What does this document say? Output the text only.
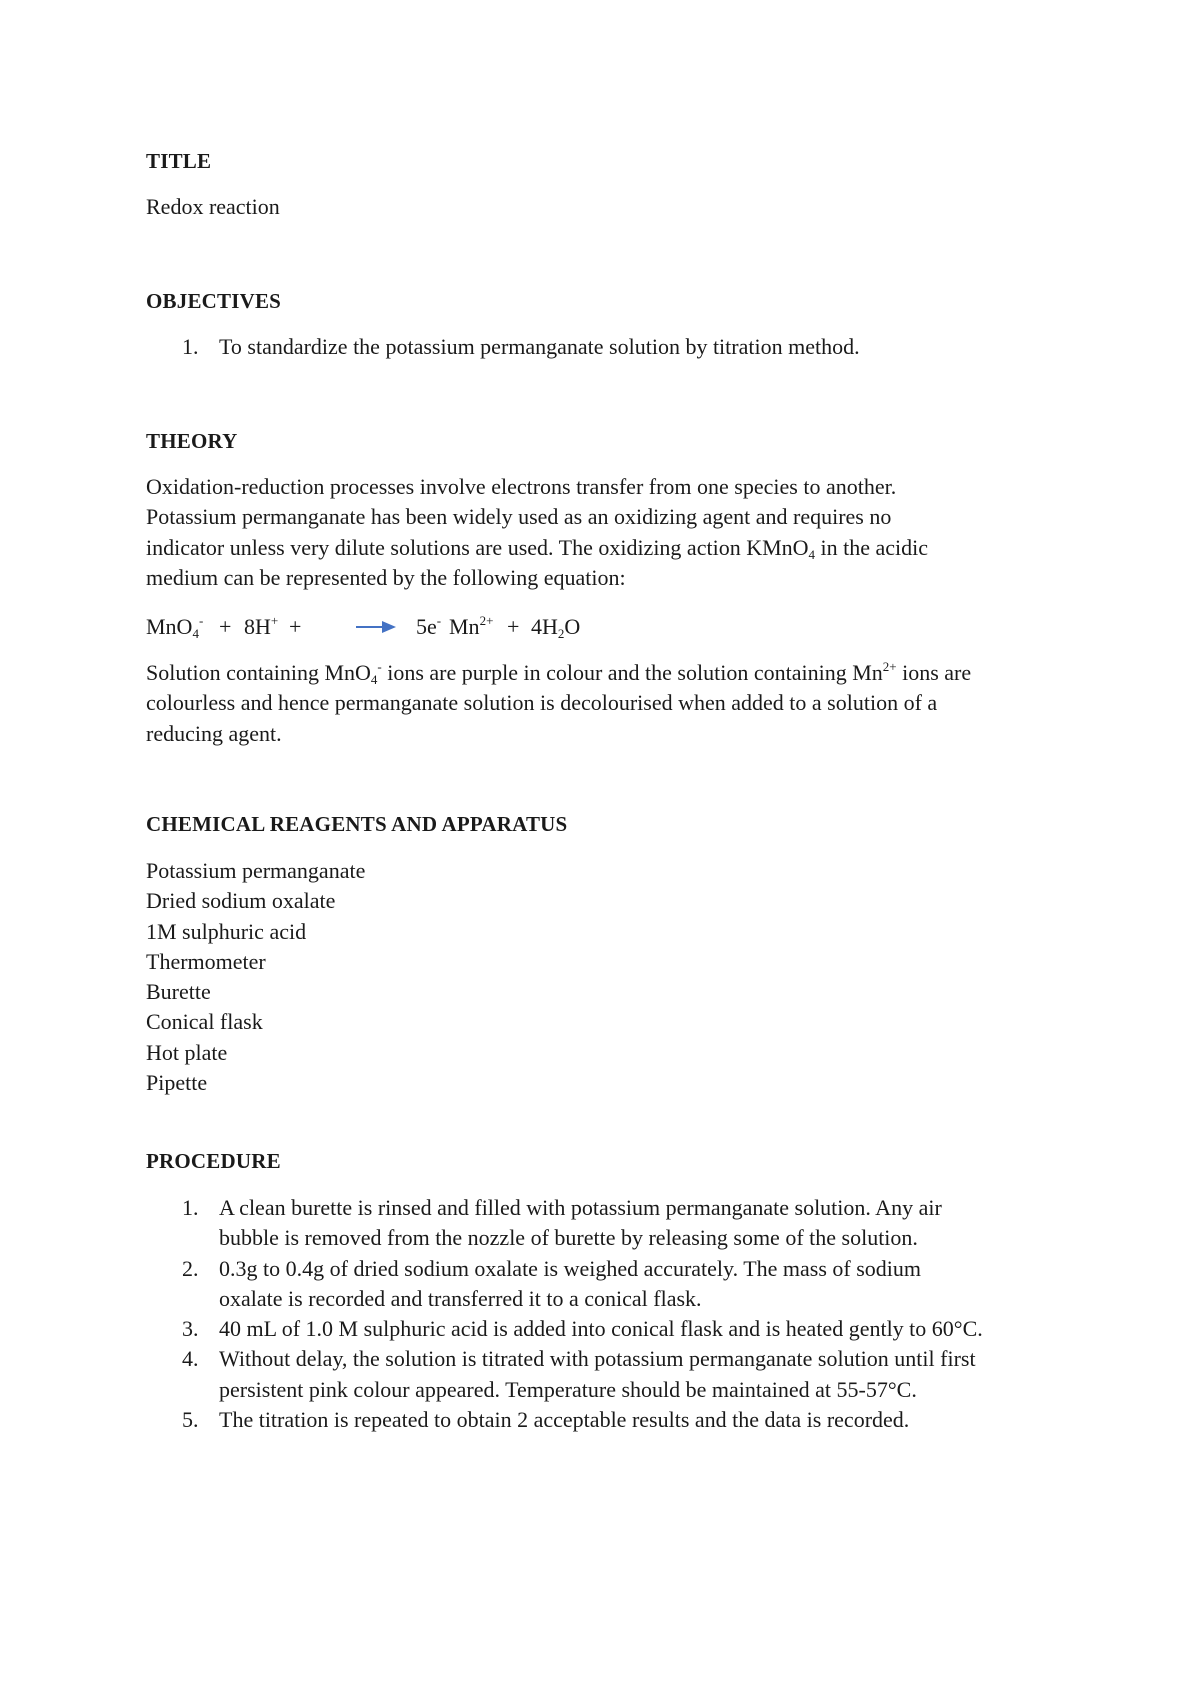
TITLE
Redox reaction
OBJECTIVES
1. To standardize the potassium permanganate solution by titration method.
THEORY
Oxidation-reduction processes involve electrons transfer from one species to another.
Potassium permanganate has been widely used as an oxidizing agent and requires no
indicator unless very dilute solutions are used. The oxidizing action KMnO$_4$ in the acidic
medium can be represented by the following equation:
MnO$_4$- + 8H+ + → 5e- $Mn^{2+} + 4H_2O$
Solution containing MnO$_4$- ions are purple in colour and the solution containing $Mn^{2+}$ ions are
colourless and hence permanganate solution is decolourised when added to a solution of a
reducing agent.
CHEMICAL REAGENTS AND APPARATUS
Potassium permanganate
Dried sodium oxalate
1M sulphuric acid
Thermometer
Burette
Conical flask
Hot plate
Pipette
PROCEDURE
1. A clean burette is rinsed and filled with potassium permanganate solution. Any air
bubble is removed from the nozzle of burette by releasing some of the solution.
2. 0.3g to 0.4g of dried sodium oxalate is weighed accurately. The mass of sodium
oxalate is recorded and transferred it to a conical flask.
3. 40 mL of 1.0 M sulphuric acid is added into conical flask and is heated gently to 60°C.
4. Without delay, the solution is titrated with potassium permanganate solution until first
persistent pink colour appeared. Temperature should be maintained at 55-57°C.
5. The titration is repeated to obtain 2 acceptable results and the data is recorded.
